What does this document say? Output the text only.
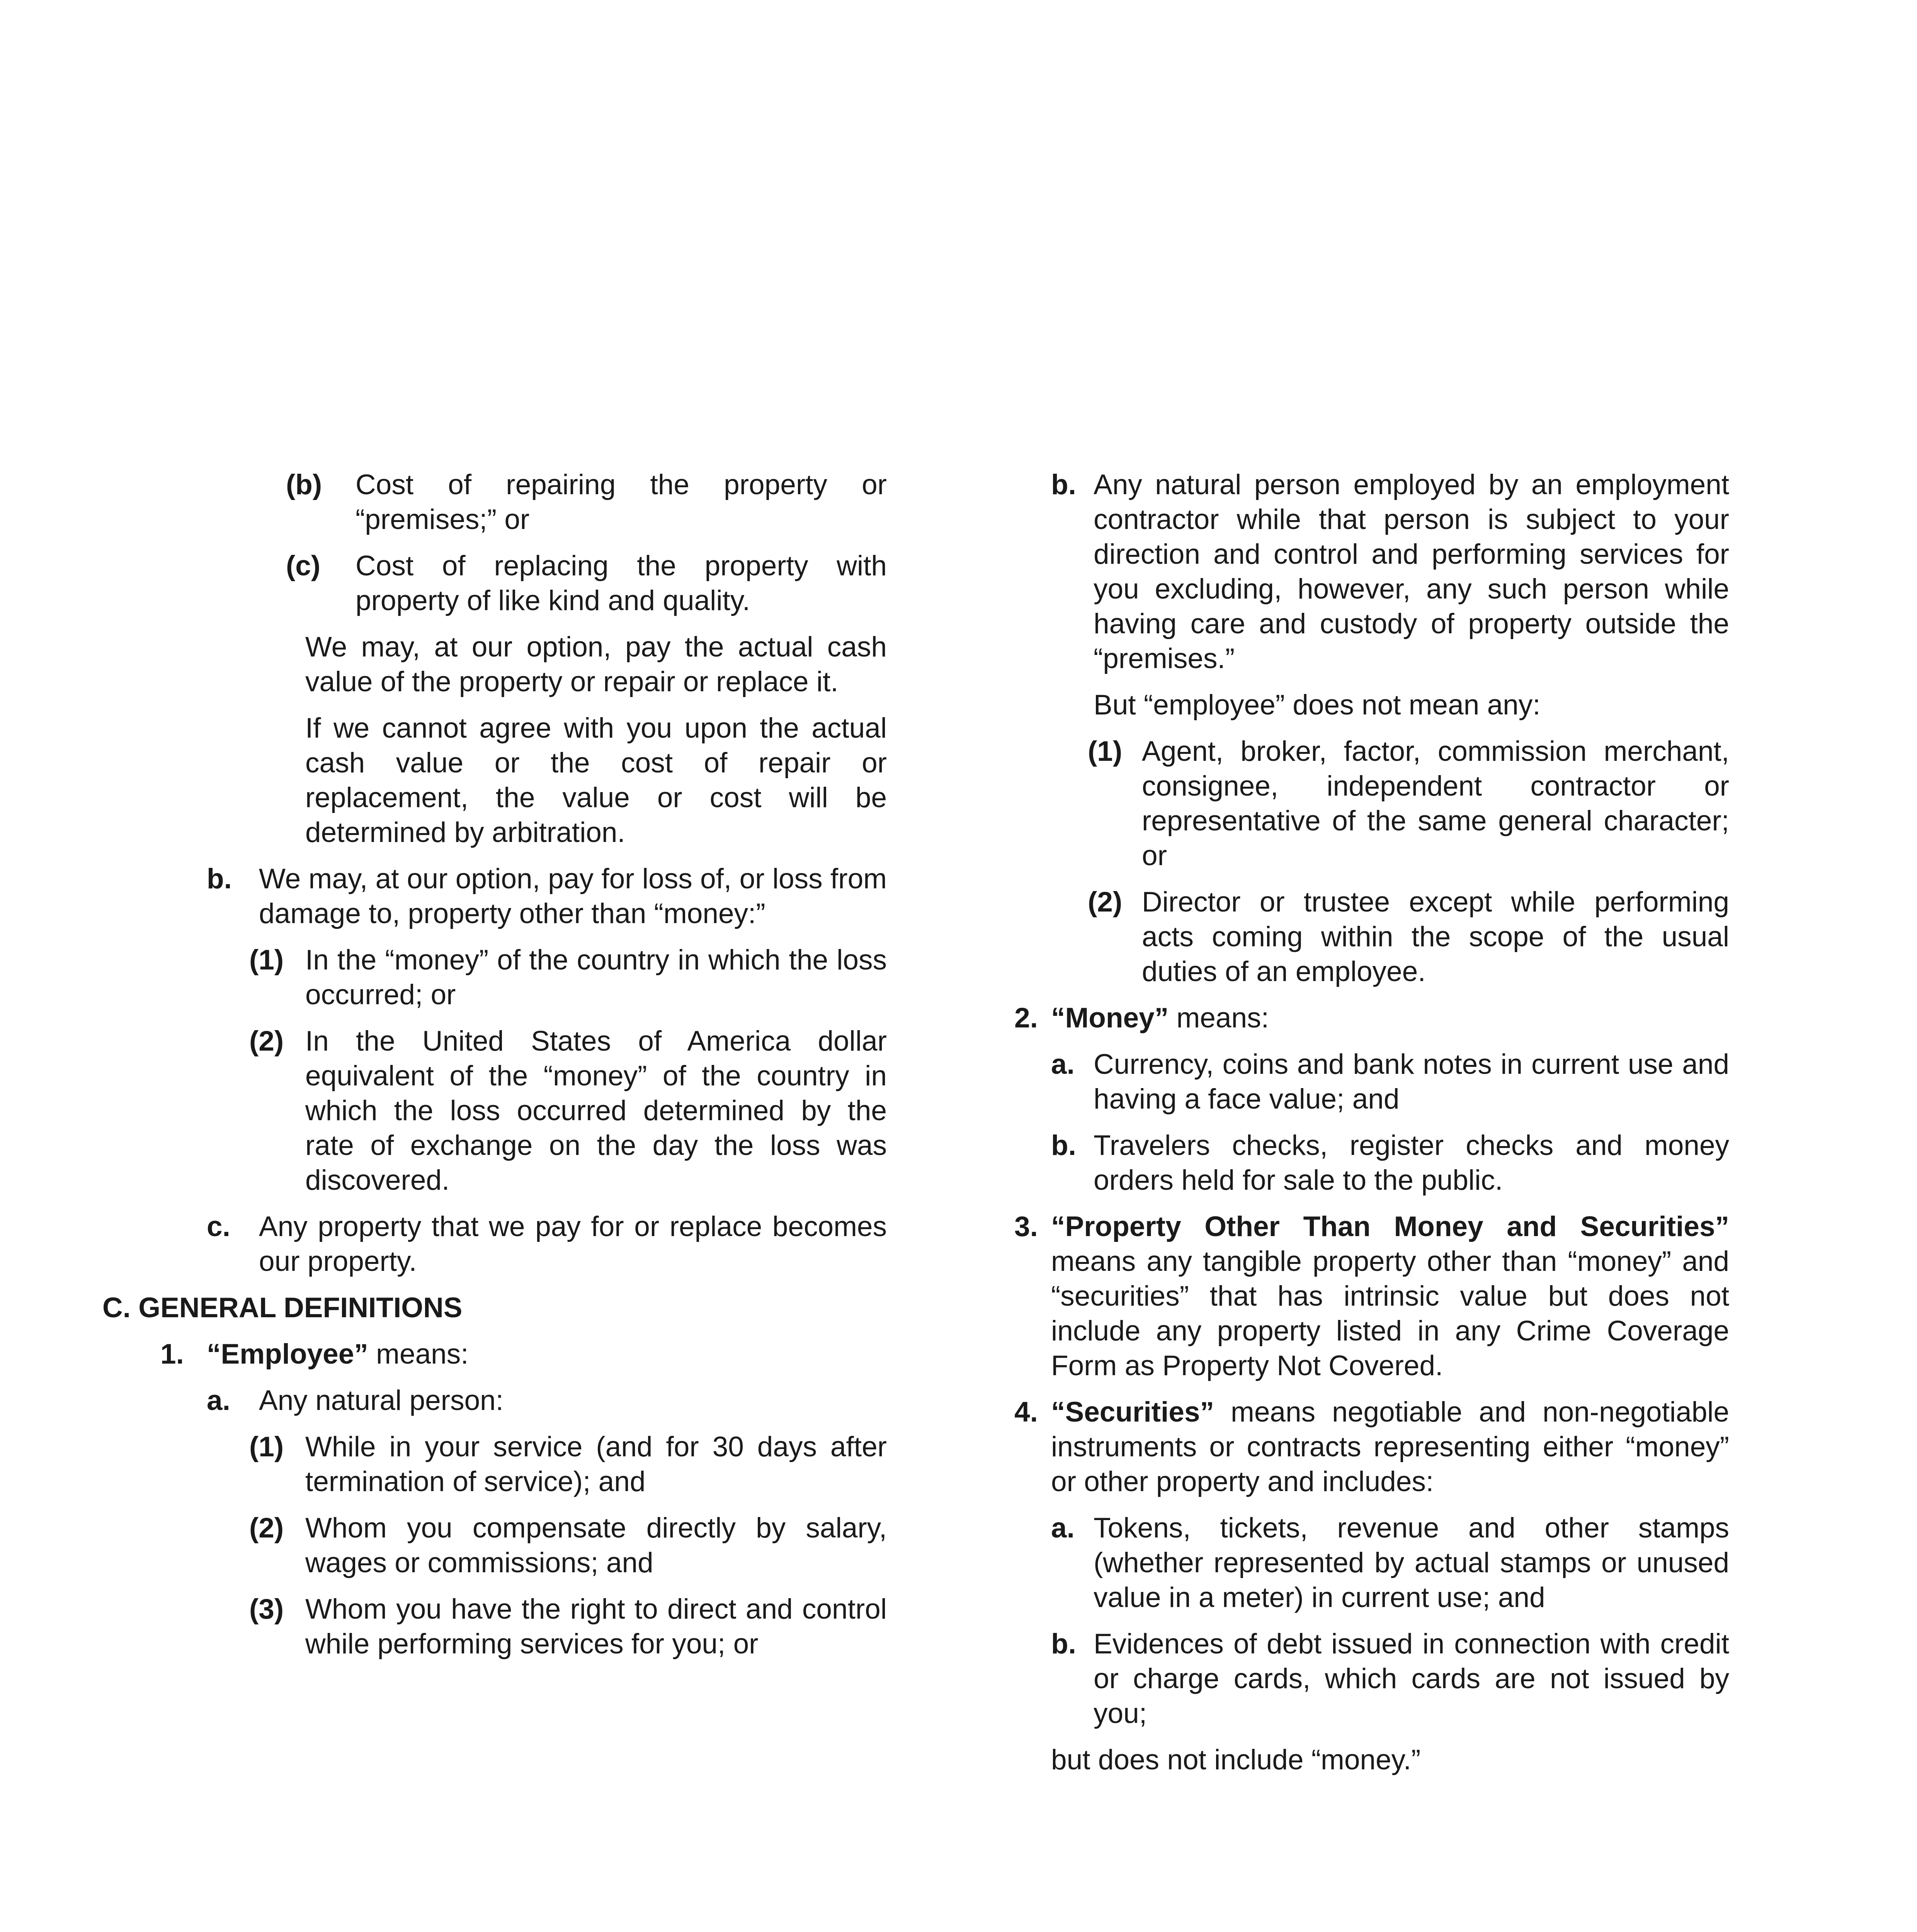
(b) Cost of repairing the property or “premises;” or
(c) Cost of replacing the property with property of like kind and quality.
We may, at our option, pay the actual cash value of the property or repair or replace it.
If we cannot agree with you upon the actual cash value or the cost of repair or replacement, the value or cost will be determined by arbitration.
b. We may, at our option, pay for loss of, or loss from damage to, property other than “money:”
(1) In the “money” of the country in which the loss occurred; or
(2) In the United States of America dollar equivalent of the “money” of the country in which the loss occurred determined by the rate of exchange on the day the loss was discovered.
c. Any property that we pay for or replace becomes our property.
C. GENERAL DEFINITIONS
1. “Employee” means:
a. Any natural person:
(1) While in your service (and for 30 days after termination of service); and
(2) Whom you compensate directly by salary, wages or commissions; and
(3) Whom you have the right to direct and control while performing services for you; or
b. Any natural person employed by an employment contractor while that person is subject to your direction and control and performing services for you excluding, however, any such person while having care and custody of property outside the “premises.”
But “employee” does not mean any:
(1) Agent, broker, factor, commission merchant, consignee, independent contractor or representative of the same general character; or
(2) Director or trustee except while performing acts coming within the scope of the usual duties of an employee.
2. “Money” means:
a. Currency, coins and bank notes in current use and having a face value; and
b. Travelers checks, register checks and money orders held for sale to the public.
3. “Property Other Than Money and Securities” means any tangible property other than “money” and “securities” that has intrinsic value but does not include any property listed in any Crime Coverage Form as Property Not Covered.
4. “Securities” means negotiable and non-negotiable instruments or contracts representing either “money” or other property and includes:
a. Tokens, tickets, revenue and other stamps (whether represented by actual stamps or unused value in a meter) in current use; and
b. Evidences of debt issued in connection with credit or charge cards, which cards are not issued by you;
but does not include “money.”
